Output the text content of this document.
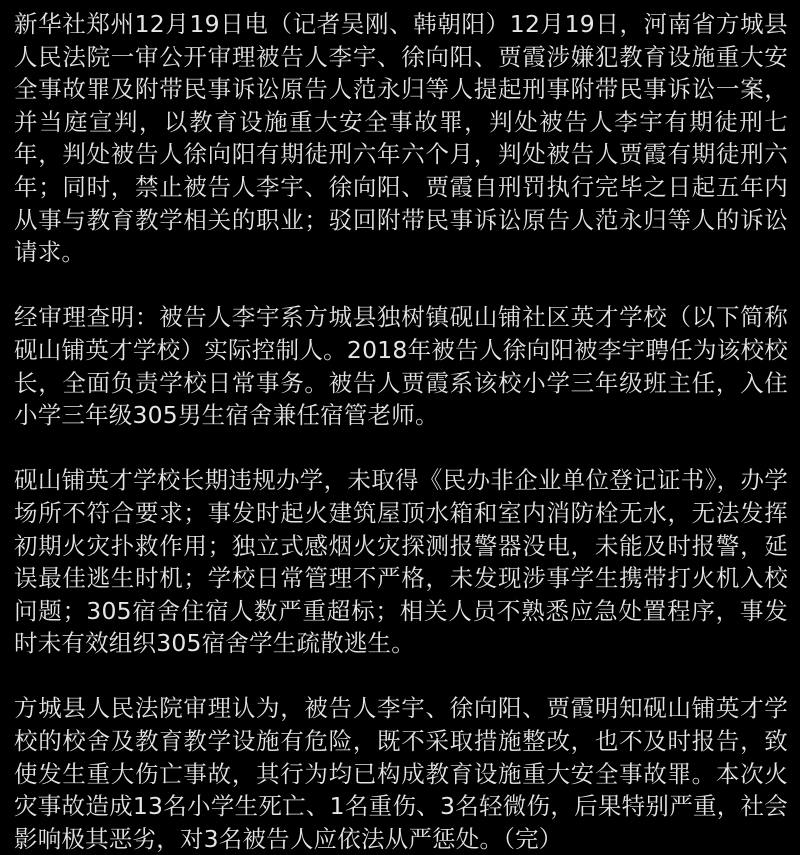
新华社郑州12月19日电（记者吴刚、韩朝阳）12月19日，河南省方城县人民法院一审公开审理被告人李宇、徐向阳、贾霞涉嫌犯教育设施重大安全事故罪及附带民事诉讼原告人范永归等人提起刑事附带民事诉讼一案，并当庭宣判，以教育设施重大安全事故罪，判处被告人李宇有期徒刑七年，判处被告人徐向阳有期徒刑六年六个月，判处被告人贾霞有期徒刑六年；同时，禁止被告人李宇、徐向阳、贾霞自刑罚执行完毕之日起五年内从事与教育教学相关的职业；驳回附带民事诉讼原告人范永归等人的诉讼请求。

经审理查明：被告人李宇系方城县独树镇砚山铺社区英才学校（以下简称砚山铺英才学校）实际控制人。2018年被告人徐向阳被李宇聘任为该校校长，全面负责学校日常事务。被告人贾霞系该校小学三年级班主任，入住小学三年级305男生宿舍兼任宿管老师。

砚山铺英才学校长期违规办学，未取得《民办非企业单位登记证书》，办学场所不符合要求；事发时起火建筑屋顶水箱和室内消防栓无水，无法发挥初期火灾扑救作用；独立式感烟火灾探测报警器没电，未能及时报警，延误最佳逃生时机；学校日常管理不严格，未发现涉事学生携带打火机入校问题；305宿舍住宿人数严重超标；相关人员不熟悉应急处置程序，事发时未有效组织305宿舍学生疏散逃生。

方城县人民法院审理认为，被告人李宇、徐向阳、贾霞明知砚山铺英才学校的校舍及教育教学设施有危险，既不采取措施整改，也不及时报告，致使发生重大伤亡事故，其行为均已构成教育设施重大安全事故罪。本次火灾事故造成13名小学生死亡、1名重伤、3名轻微伤，后果特别严重，社会影响极其恶劣，对3名被告人应依法从严惩处。（完）
